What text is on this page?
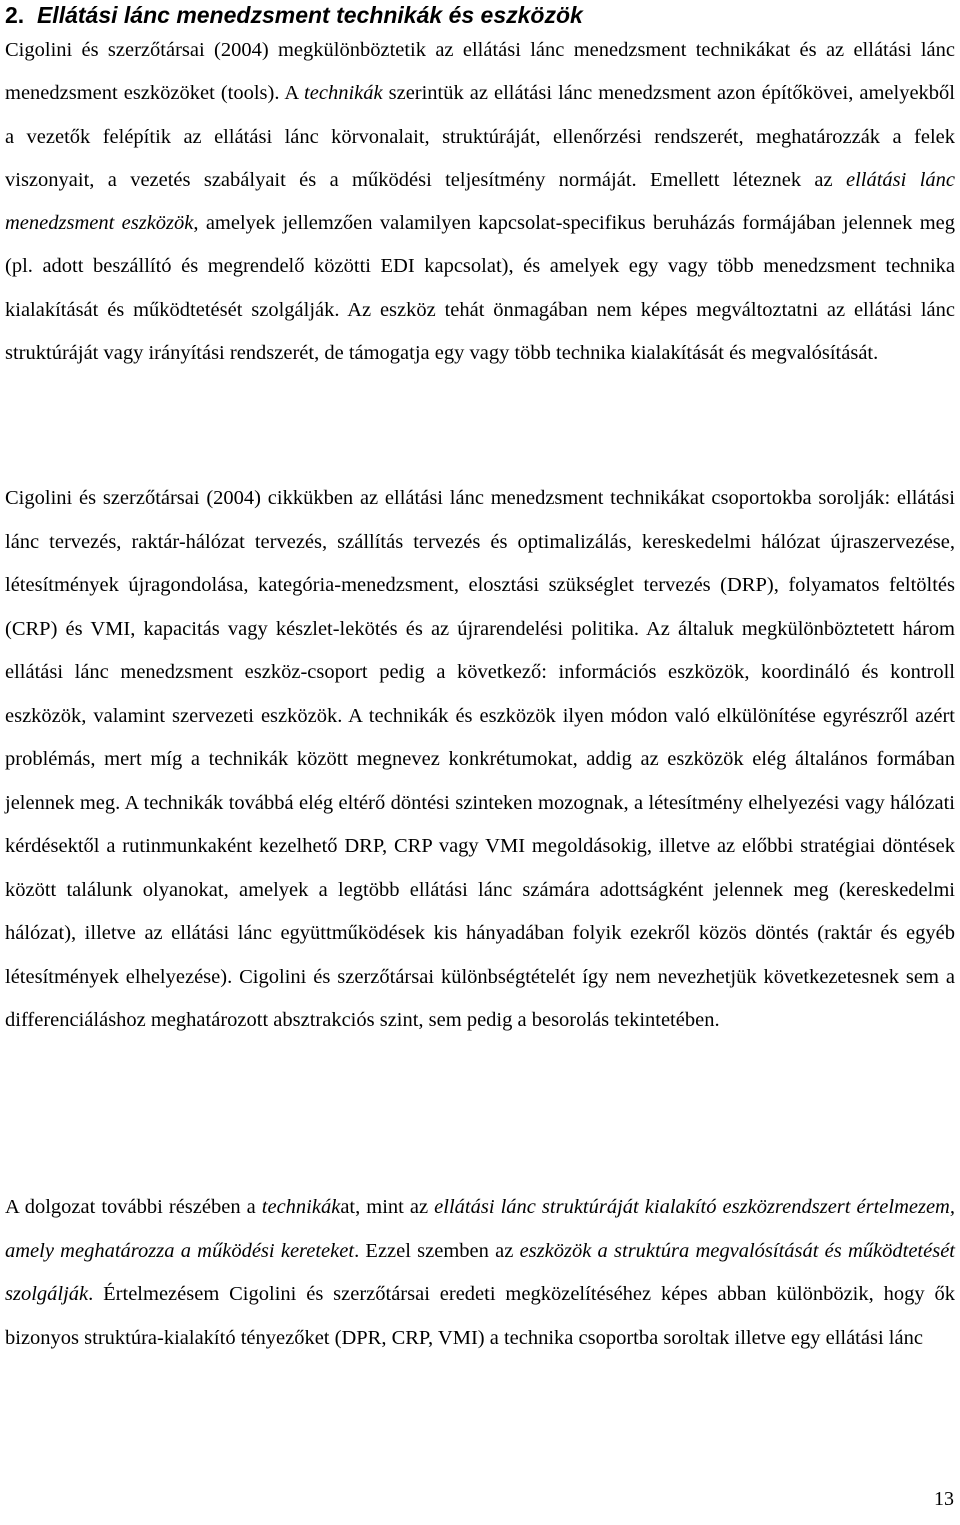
2. Ellátási lánc menedzsment technikák és eszközök

Cigolini és szerzőtársai (2004) megkülönböztetik az ellátási lánc menedzsment technikákat és az ellátási lánc menedzsment eszközöket (tools). A technikák szerintük az ellátási lánc menedzsment azon építőkövei, amelyekből a vezetők felépítik az ellátási lánc körvonalait, struktúráját, ellenőrzési rendszerét, meghatározzák a felek viszonyait, a vezetés szabályait és a működési teljesítmény normáját. Emellett léteznek az ellátási lánc menedzsment eszközök, amelyek jellemzően valamilyen kapcsolat-specifikus beruházás formájában jelennek meg (pl. adott beszállító és megrendelő közötti EDI kapcsolat), és amelyek egy vagy több menedzsment technika kialakítását és működtetését szolgálják. Az eszköz tehát önmagában nem képes megváltoztatni az ellátási lánc struktúráját vagy irányítási rendszerét, de támogatja egy vagy több technika kialakítását és megvalósítását.

Cigolini és szerzőtársai (2004) cikkükben az ellátási lánc menedzsment technikákat csoportokba sorolják: ellátási lánc tervezés, raktár-hálózat tervezés, szállítás tervezés és optimalizálás, kereskedelmi hálózat újraszervezése, létesítmények újragondolása, kategória-menedzsment, elosztási szükséglet tervezés (DRP), folyamatos feltöltés (CRP) és VMI, kapacitás vagy készlet-lekötés és az újrarendelési politika. Az általuk megkülönböztetett három ellátási lánc menedzsment eszköz-csoport pedig a következő: információs eszközök, koordináló és kontroll eszközök, valamint szervezeti eszközök. A technikák és eszközök ilyen módon való elkülönítése egyrészről azért problémás, mert míg a technikák között megnevez konkrétumokat, addig az eszközök elég általános formában jelennek meg. A technikák továbbá elég eltérő döntési szinteken mozognak, a létesítmény elhelyezési vagy hálózati kérdésektől a rutinmunkaként kezelhető DRP, CRP vagy VMI megoldásokig, illetve az előbbi stratégiai döntések között találunk olyanokat, amelyek a legtöbb ellátási lánc számára adottságként jelennek meg (kereskedelmi hálózat), illetve az ellátási lánc együttműködések kis hányadában folyik ezekről közös döntés (raktár és egyéb létesítmények elhelyezése). Cigolini és szerzőtársai különbségtételét így nem nevezhetjük következetesnek sem a differenciáláshoz meghatározott absztrakciós szint, sem pedig a besorolás tekintetében.

A dolgozat további részében a technikákat, mint az ellátási lánc struktúráját kialakító eszközrendszert értelmezem, amely meghatározza a működési kereteket. Ezzel szemben az eszközök a struktúra megvalósítását és működtetését szolgálják. Értelmezésem Cigolini és szerzőtársai eredeti megközelítéséhez képes abban különbözik, hogy ők bizonyos struktúra-kialakító tényezőket (DPR, CRP, VMI) a technika csoportba soroltak illetve egy ellátási lánc

13
